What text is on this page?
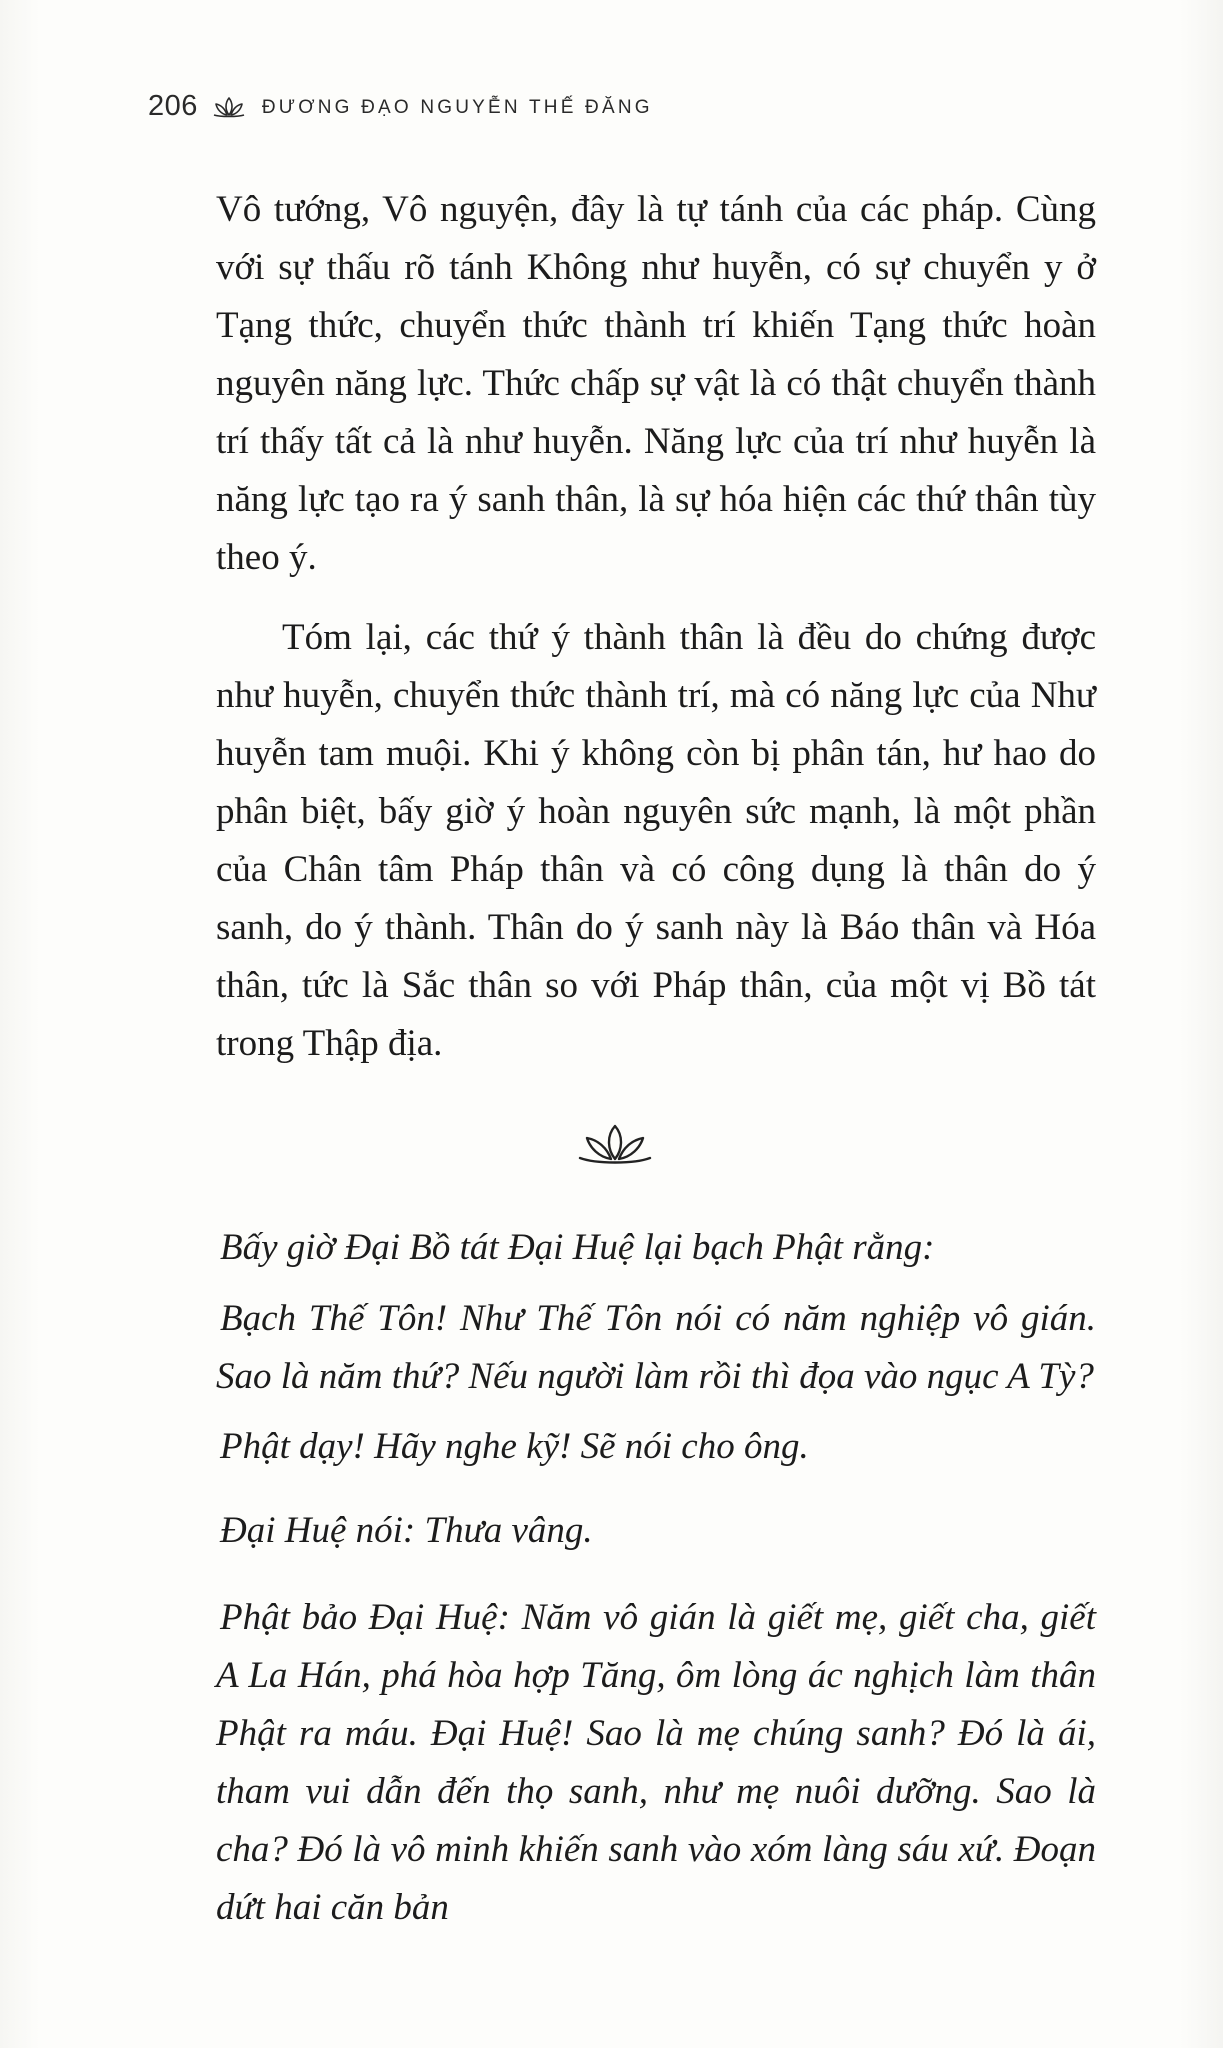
206	ĐƯƠNG ĐẠO NGUYỄN THẾ ĐĂNG

Vô tướng, Vô nguyện, đây là tự tánh của các pháp. Cùng với sự thấu rõ tánh Không như huyễn, có sự chuyển y ở Tạng thức, chuyển thức thành trí khiến Tạng thức hoàn nguyên năng lực. Thức chấp sự vật là có thật chuyển thành trí thấy tất cả là như huyễn. Năng lực của trí như huyễn là năng lực tạo ra ý sanh thân, là sự hóa hiện các thứ thân tùy theo ý.

Tóm lại, các thứ ý thành thân là đều do chứng được như huyễn, chuyển thức thành trí, mà có năng lực của Như huyễn tam muội. Khi ý không còn bị phân tán, hư hao do phân biệt, bấy giờ ý hoàn nguyên sức mạnh, là một phần của Chân tâm Pháp thân và có công dụng là thân do ý sanh, do ý thành. Thân do ý sanh này là Báo thân và Hóa thân, tức là Sắc thân so với Pháp thân, của một vị Bồ tát trong Thập địa.

Bấy giờ Đại Bồ tát Đại Huệ lại bạch Phật rằng:

Bạch Thế Tôn! Như Thế Tôn nói có năm nghiệp vô gián. Sao là năm thứ? Nếu người làm rồi thì đọa vào ngục A Tỳ?

Phật dạy! Hãy nghe kỹ! Sẽ nói cho ông.

Đại Huệ nói: Thưa vâng.

Phật bảo Đại Huệ: Năm vô gián là giết mẹ, giết cha, giết A La Hán, phá hòa hợp Tăng, ôm lòng ác nghịch làm thân Phật ra máu. Đại Huệ! Sao là mẹ chúng sanh? Đó là ái, tham vui dẫn đến thọ sanh, như mẹ nuôi dưỡng. Sao là cha? Đó là vô minh khiến sanh vào xóm làng sáu xứ. Đoạn dứt hai căn bản
